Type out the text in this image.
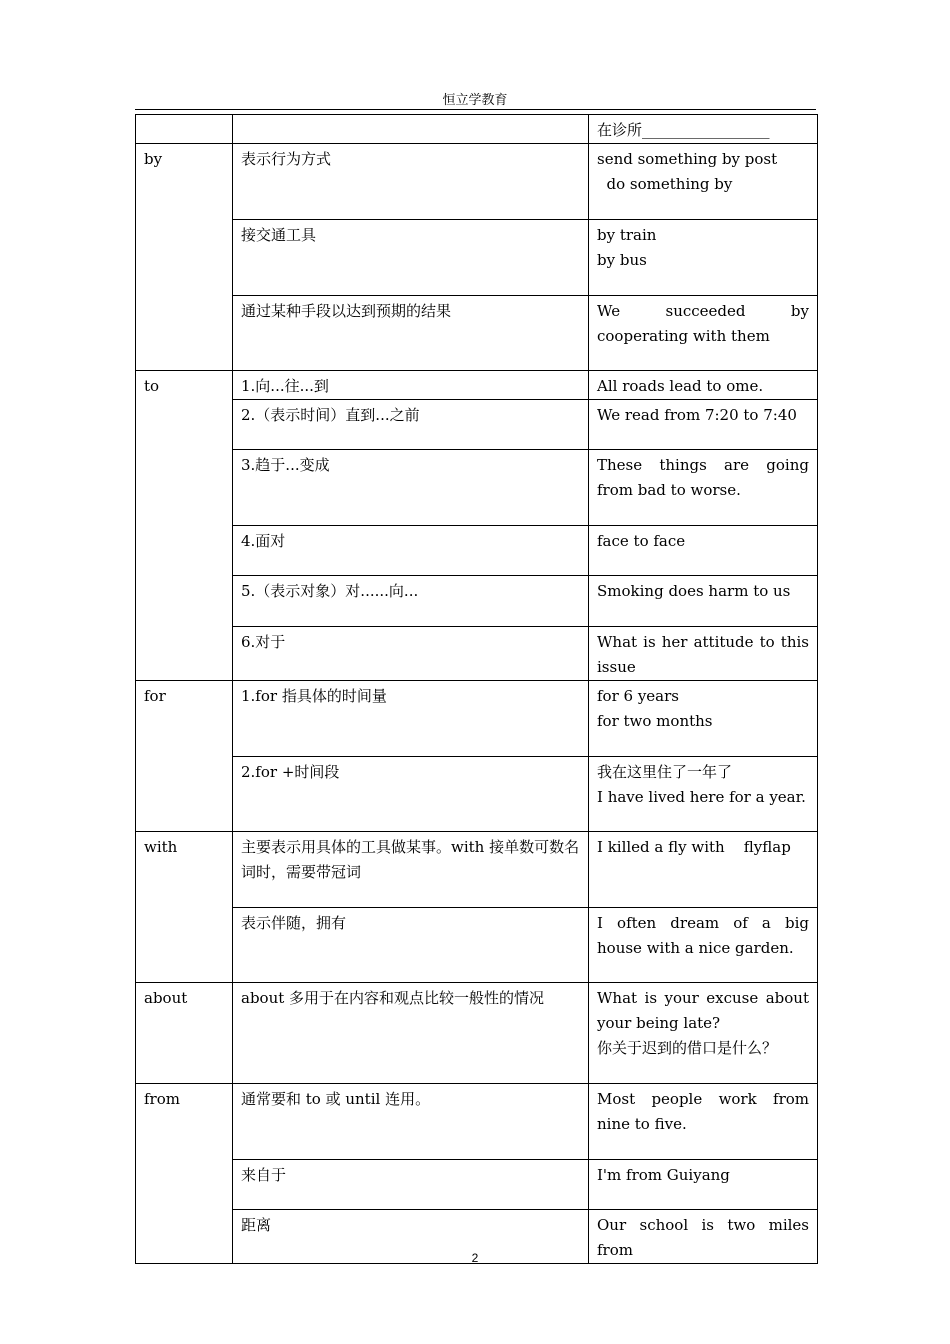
恒立学教育

		在诊所_________________

by	表示行为方式	send something by post
do something by

	接交通工具	by train
by bus

	通过某种手段以达到预期的结果	We succeeded by cooperating with them
to	1.向...往...到	All roads lead to ome.
	2.（表示时间）直到...之前	We read from 7:20 to 7:40
	3.趋于...变成	These things are going from bad to worse.
	4.面对	face to face
	5.（表示对象）对......向...	Smoking does harm to us
	6.对于	What is her attitude to this issue
for	1.for 指具体的时间量	for 6 years
for two months

	2.for +时间段	我在这里住了一年了
I have lived here for a year.

with	主要表示用具体的工具做某事。with 接单数可数名词时，需要带冠词	I killed a fly with    flyflap
	表示伴随，拥有	I often dream of a big house with a nice garden.
about	about 多用于在内容和观点比较一般性的情况	What is your excuse about your being late?
你关于迟到的借口是什么？

from	通常要和 to 或 until 连用。	Most people work from nine to five.
	来自于	I'm from Guiyang
	距离	Our school is two miles from
2
